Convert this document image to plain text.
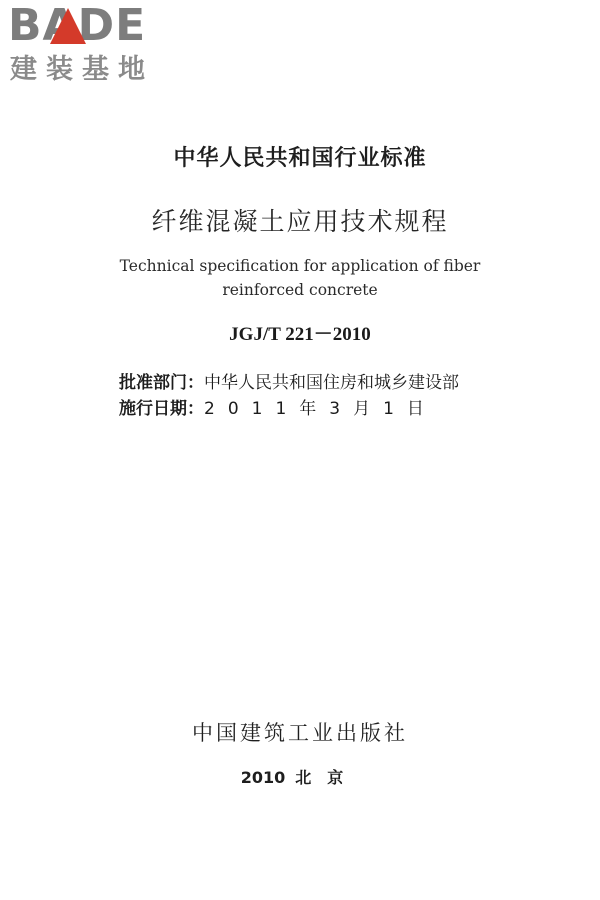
BADE
建装基地
中华人民共和国行业标准
纤维混凝土应用技术规程
Technical specification for application of fiber
reinforced concrete
JGJ/T 221－2010
批准部门：中华人民共和国住房和城乡建设部
施行日期：2011年3月1日
中国建筑工业出版社
2010 北京
